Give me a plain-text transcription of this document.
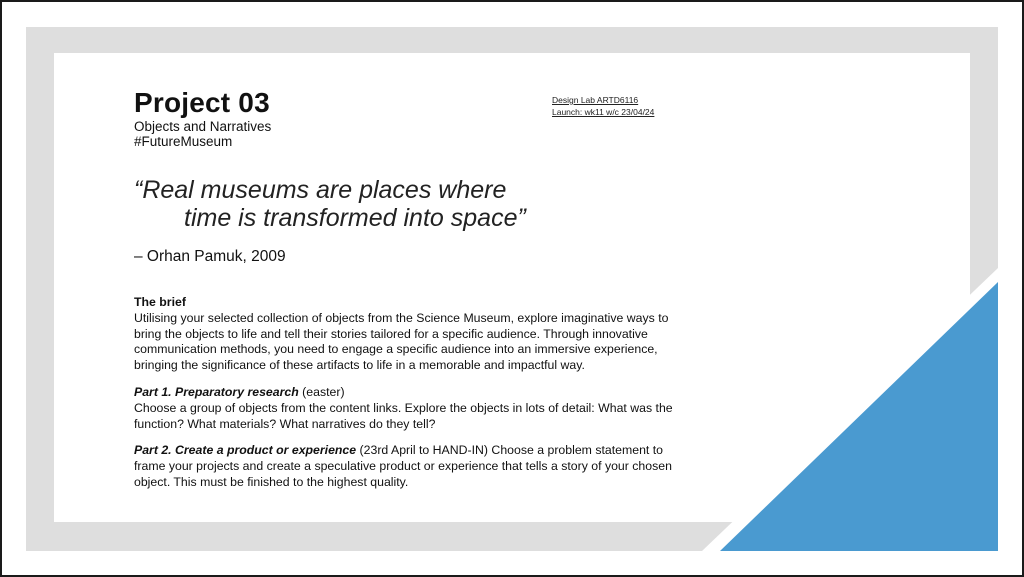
Project 03

Objects and Narratives

#FutureMuseum

Design Lab ARTD6116
Launch: wk11 w/c 23/04/24
“Real museums are places where
time is transformed into space”
– Orhan Pamuk, 2009

The brief

Utilising your selected collection of objects from the Science Museum, explore imaginative ways to bring the objects to life and tell their stories tailored for a specific audience. Through innovative communication methods, you need to engage a specific audience into an immersive experience, bringing the significance of these artifacts to life in a memorable and impactful way.

Part 1. Preparatory research (easter)
Choose a group of objects from the content links. Explore the objects in lots of detail: What was the function? What materials? What narratives do they tell?

Part 2. Create a product or experience (23rd April to HAND-IN) Choose a problem statement to frame your projects and create a speculative product or experience that tells a story of your chosen object. This must be finished to the highest quality.
